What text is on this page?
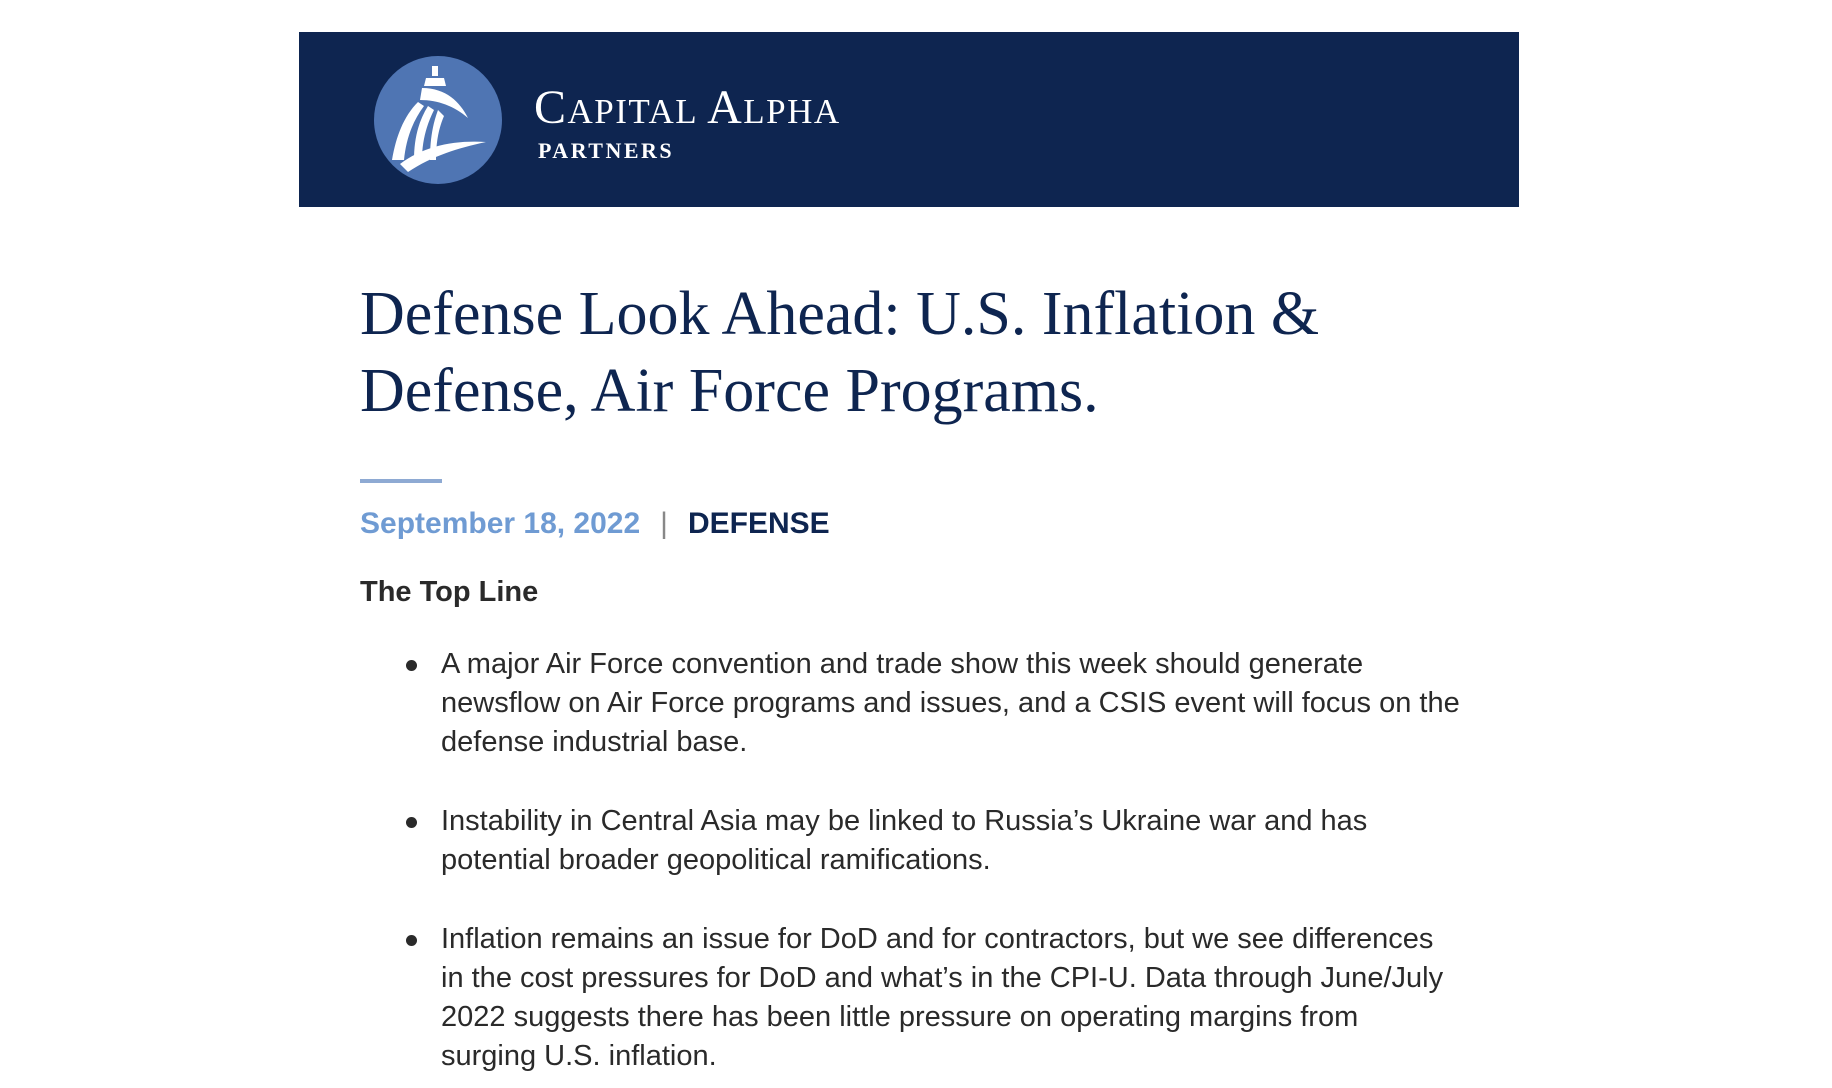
CAPITAL ALPHA
PARTNERS
Defense Look Ahead: U.S. Inflation & Defense, Air Force Programs.
September 18, 2022 | DEFENSE
The Top Line
A major Air Force convention and trade show this week should generate newsflow on Air Force programs and issues, and a CSIS event will focus on the defense industrial base.
Instability in Central Asia may be linked to Russia’s Ukraine war and has potential broader geopolitical ramifications.
Inflation remains an issue for DoD and for contractors, but we see differences in the cost pressures for DoD and what’s in the CPI-U. Data through June/July 2022 suggests there has been little pressure on operating margins from surging U.S. inflation.
